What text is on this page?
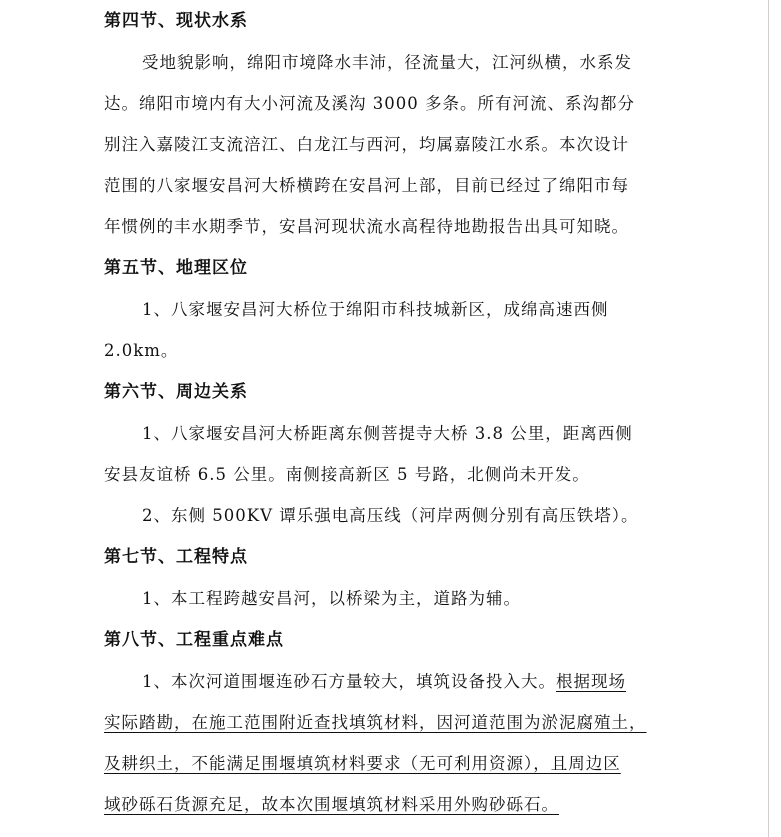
第四节、现状水系
受地貌影响，绵阳市境降水丰沛，径流量大，江河纵横，水系发
达。绵阳市境内有大小河流及溪沟 3000 多条。所有河流、系沟都分
别注入嘉陵江支流涪江、白龙江与西河，均属嘉陵江水系。本次设计
范围的八家堰安昌河大桥横跨在安昌河上部，目前已经过了绵阳市每
年惯例的丰水期季节，安昌河现状流水高程待地勘报告出具可知晓。
第五节、地理区位
1、八家堰安昌河大桥位于绵阳市科技城新区，成绵高速西侧
2.0km。
第六节、周边关系
1、八家堰安昌河大桥距离东侧菩提寺大桥 3.8 公里，距离西侧
安县友谊桥 6.5 公里。南侧接高新区 5 号路，北侧尚未开发。
2、东侧 500KV 谭乐强电高压线（河岸两侧分别有高压铁塔）。
第七节、工程特点
1、本工程跨越安昌河，以桥梁为主，道路为辅。
第八节、工程重点难点
1、本次河道围堰连砂石方量较大，填筑设备投入大。根据现场
实际踏勘，在施工范围附近查找填筑材料，因河道范围为淤泥腐殖土，
及耕织土，不能满足围堰填筑材料要求（无可利用资源），且周边区
域砂砾石货源充足，故本次围堰填筑材料采用外购砂砾石。
